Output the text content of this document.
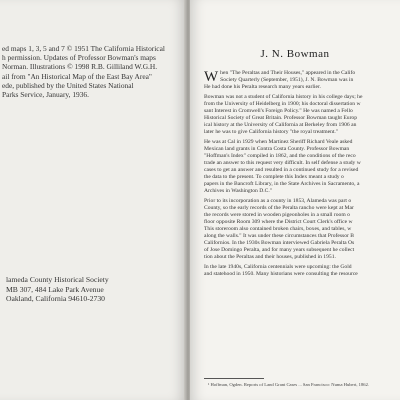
ed maps 1, 3, 5 and 7 © 1951 The California Historical
h permission. Updates of Professor Bowman's maps
Norman. Illustrations © 1998 R.B. Gilliland W.G.H.
ail from "An Historical Map of the East Bay Area"
ede, published by the United States National
Parks Service, January, 1936.
lameda County Historical Society
MB 307, 484 Lake Park Avenue
Oakland, California 94610-2730
J. N. Bowman

W hen "The Peraltas and Their Houses," appeared in the Califo
Society Quarterly (September, 1951), J. N. Bowman was in
He had done his Peralta research many years earlier.

Bowman was not a student of California history in his college days; he
from the University of Heidelberg in 1900; his doctoral dissertation w
sant Interest in Cromwell's Foreign Policy." He was named a Fello
Historical Society of Great Britain. Professor Bowman taught Europ
ical history at the University of California at Berkeley from 1906 an
later he was to give California history "the royal treatment."

He was at Cal in 1929 when Martinez Sheriff Richard Veale asked
Mexican land grants in Contra Costa County. Professor Bowman
"Hoffman's Index" compiled in 1862, and the conditions of the reco
trade an answer to this request very difficult. In self defense a study w
cases to get an answer and resulted in a continued study for a revised
the data to the present. To complete this Index meant a study o
papers in the Bancroft Library, in the State Archives in Sacramento, a
Archives in Washington D.C."

Prior to its incorporation as a county in 1853, Alameda was part o
County, so the early records of the Peralta rancho were kept at Mar
the records were stored in wooden pigeonholes in a small room o
floor opposite Room 309 where the District Court Clerk's office w
This storeroom also contained broken chairs, boxes, and tables, w
along the walls." It was under these circumstances that Professor B
Californios. In the 1930s Bowman interviewed Gabriela Peralta Os
of Jose Domingo Peralta, and for many years subsequent he collect
tion about the Peraltas and their houses, published in 1951.

In the late 1940s, California centennials were upcoming: the Gold
and statehood in 1950. Many historians were consulting the resource

¹ Hoffman, Ogden. Reports of Land Grant Cases ... San Francisco: Numa Hubert, 1862.
